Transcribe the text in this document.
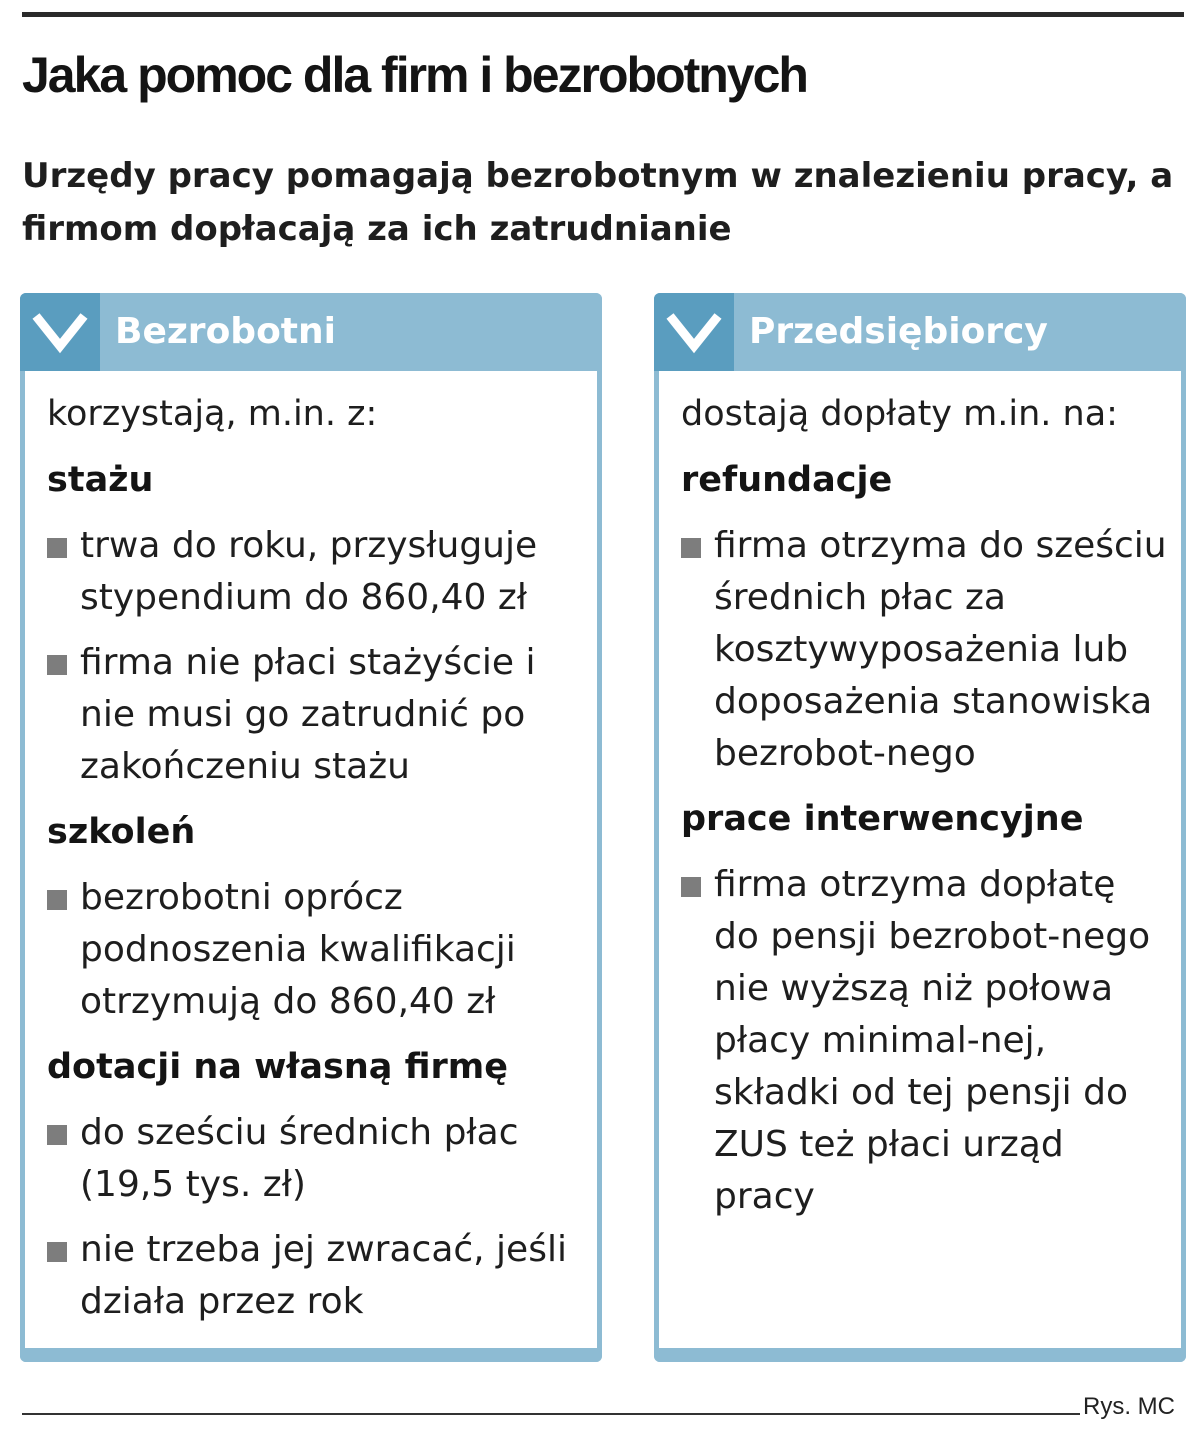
Jaka pomoc dla firm i bezrobotnych

Urzędy pracy pomagają bezrobotnym w znalezieniu pracy, a firmom dopłacają za ich zatrudnianie

Bezrobotni
korzystają, m.in. z:
stażu
trwa do roku, przysługuje stypendium do 860,40 zł
firma nie płaci stażyście i nie musi go zatrudnić po zakończeniu stażu
szkoleń
bezrobotni oprócz podnoszenia kwalifikacji otrzymują do 860,40 zł
dotacji na własną firmę
do sześciu średnich płac (19,5 tys. zł)
nie trzeba jej zwracać, jeśli działa przez rok
Przedsiębiorcy
dostają dopłaty m.in. na:
refundacje
firma otrzyma do sześciu średnich płac za kosztywyposażenia lub doposażenia stanowiska bezrobot-nego
prace interwencyjne
firma otrzyma dopłatę do pensji bezrobot-nego nie wyższą niż połowa płacy minimal-nej, składki od tej pensji do ZUS też płaci urząd pracy
Rys. MC
